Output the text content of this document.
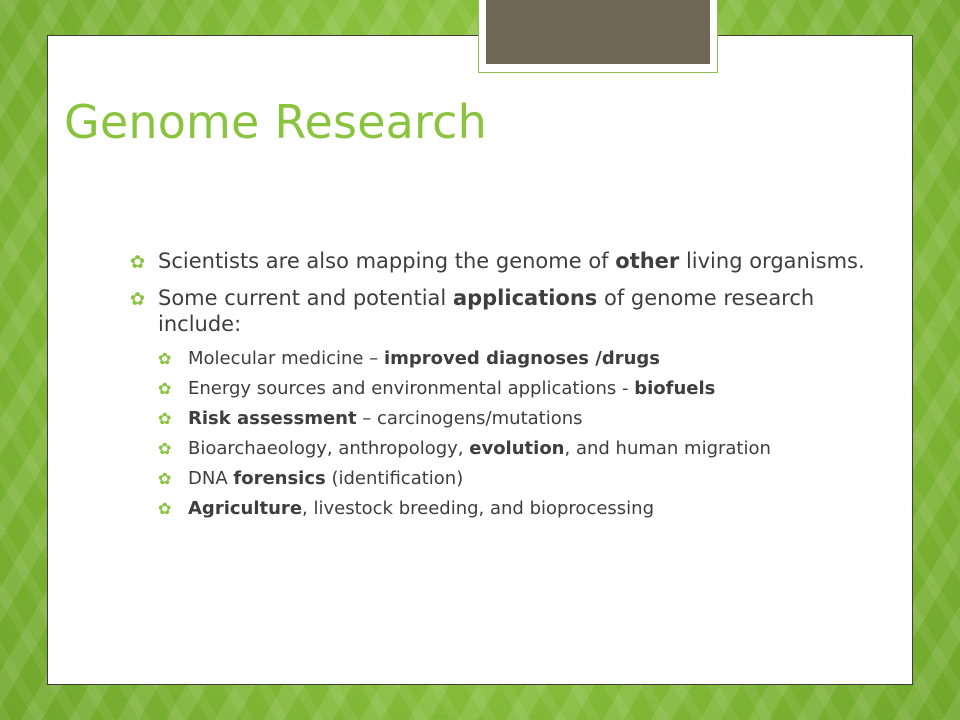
Genome Research
✿ Scientists are also mapping the genome of other living organisms.
✿ Some current and potential applications of genome research include:
✿ Molecular medicine – improved diagnoses /drugs
✿ Energy sources and environmental applications - biofuels
✿ Risk assessment – carcinogens/mutations
✿ Bioarchaeology, anthropology, evolution, and human migration
✿ DNA forensics (identification)
✿ Agriculture, livestock breeding, and bioprocessing
